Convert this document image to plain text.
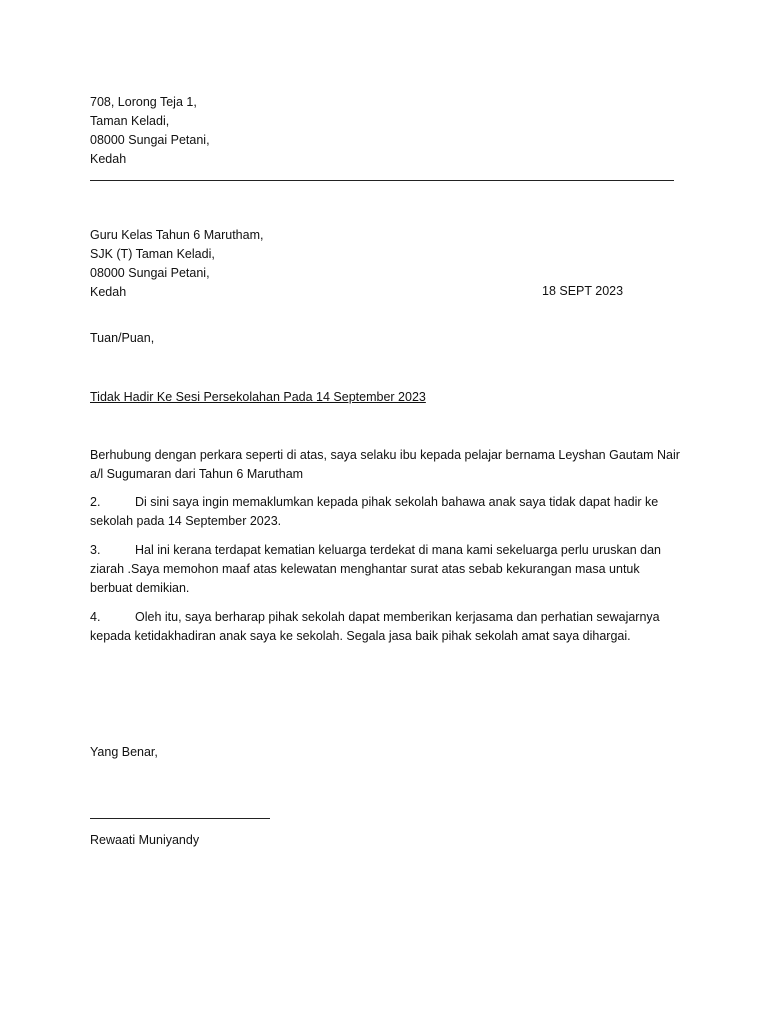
708, Lorong Teja 1,
Taman Keladi,
08000 Sungai Petani,
Kedah
Guru Kelas Tahun 6 Marutham,
SJK (T) Taman Keladi,
08000 Sungai Petani,
Kedah	18 SEPT 2023
Tuan/Puan,
Tidak Hadir Ke Sesi Persekolahan Pada 14 September 2023
Berhubung dengan perkara seperti di atas, saya selaku ibu kepada pelajar bernama Leyshan Gautam Nair a/l Sugumaran dari Tahun 6 Marutham
2.	Di sini saya ingin memaklumkan kepada pihak sekolah bahawa anak saya tidak dapat hadir ke sekolah pada 14 September 2023.
3.	Hal ini kerana terdapat kematian keluarga terdekat di mana kami sekeluarga perlu uruskan dan ziarah .Saya memohon maaf atas kelewatan menghantar surat atas sebab kekurangan masa untuk berbuat demikian.
4.	Oleh itu, saya berharap pihak sekolah dapat memberikan kerjasama dan perhatian sewajarnya kepada ketidakhadiran anak saya ke sekolah. Segala jasa baik pihak sekolah amat saya dihargai.
Yang Benar,
Rewaati Muniyandy
